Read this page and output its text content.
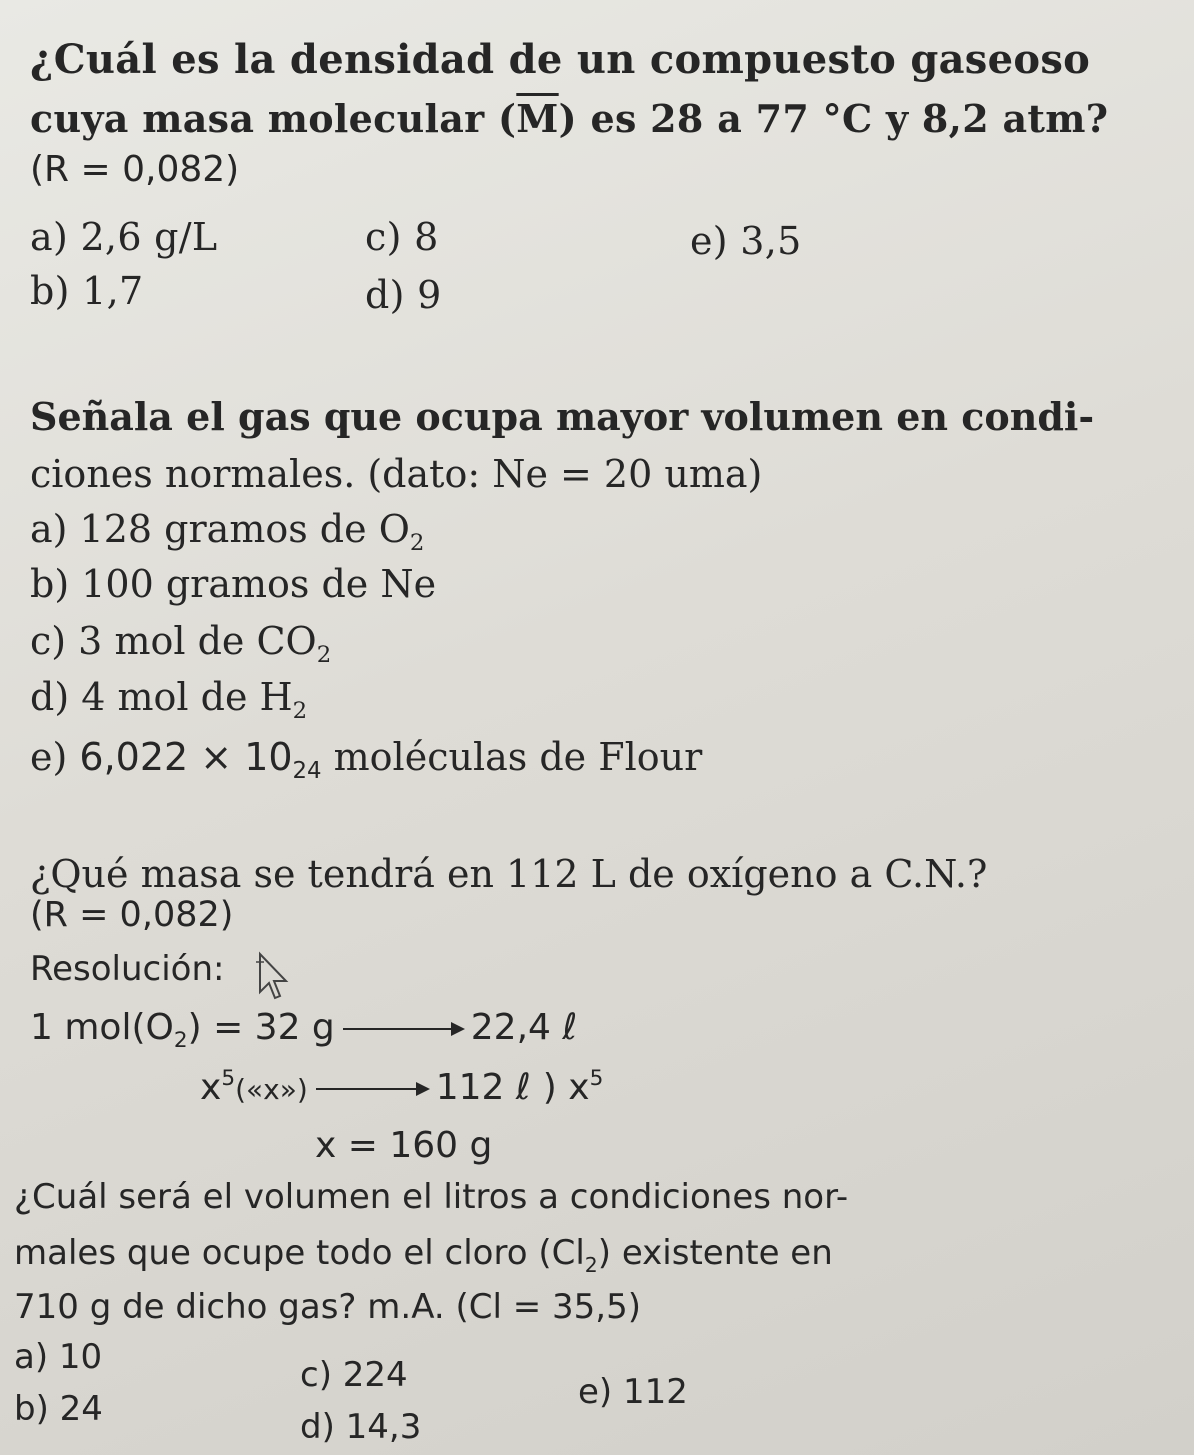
¿Cuál es la densidad de un compuesto gaseoso
cuya masa molecular $(\overline{M})$ es 28 a 77 °C y 8,2 atm?
(R = 0,082)
a) 2,6 g/L	c) 8	e) 3,5
b) 1,7	d) 9
Señala el gas que ocupa mayor volumen en condi-
ciones normales. (dato: Ne = 20 uma)
a) 128 gramos de $O_2$
b) 100 gramos de Ne
c) 3 mol de $CO_2$
d) 4 mol de $H_2$
e) $6,022 \times 10_{24}$ moléculas de Flour
¿Qué masa se tendrá en 112 L de oxígeno a C.N.?
(R = 0,082)
Resolución:
1 $mol(O_2) = 32$ g	22,4 ℓ
$x^5(«x»)$	112 ℓ ) $x^5$
x = 160 g
¿Cuál será el volumen el litros a condiciones nor-
males que ocupe todo el cloro $(Cl_2)$ existente en
710 g de dicho gas? m.A. (Cl = 35,5)
a) 10	c) 224	e) 112
b) 24	d) 14,3
